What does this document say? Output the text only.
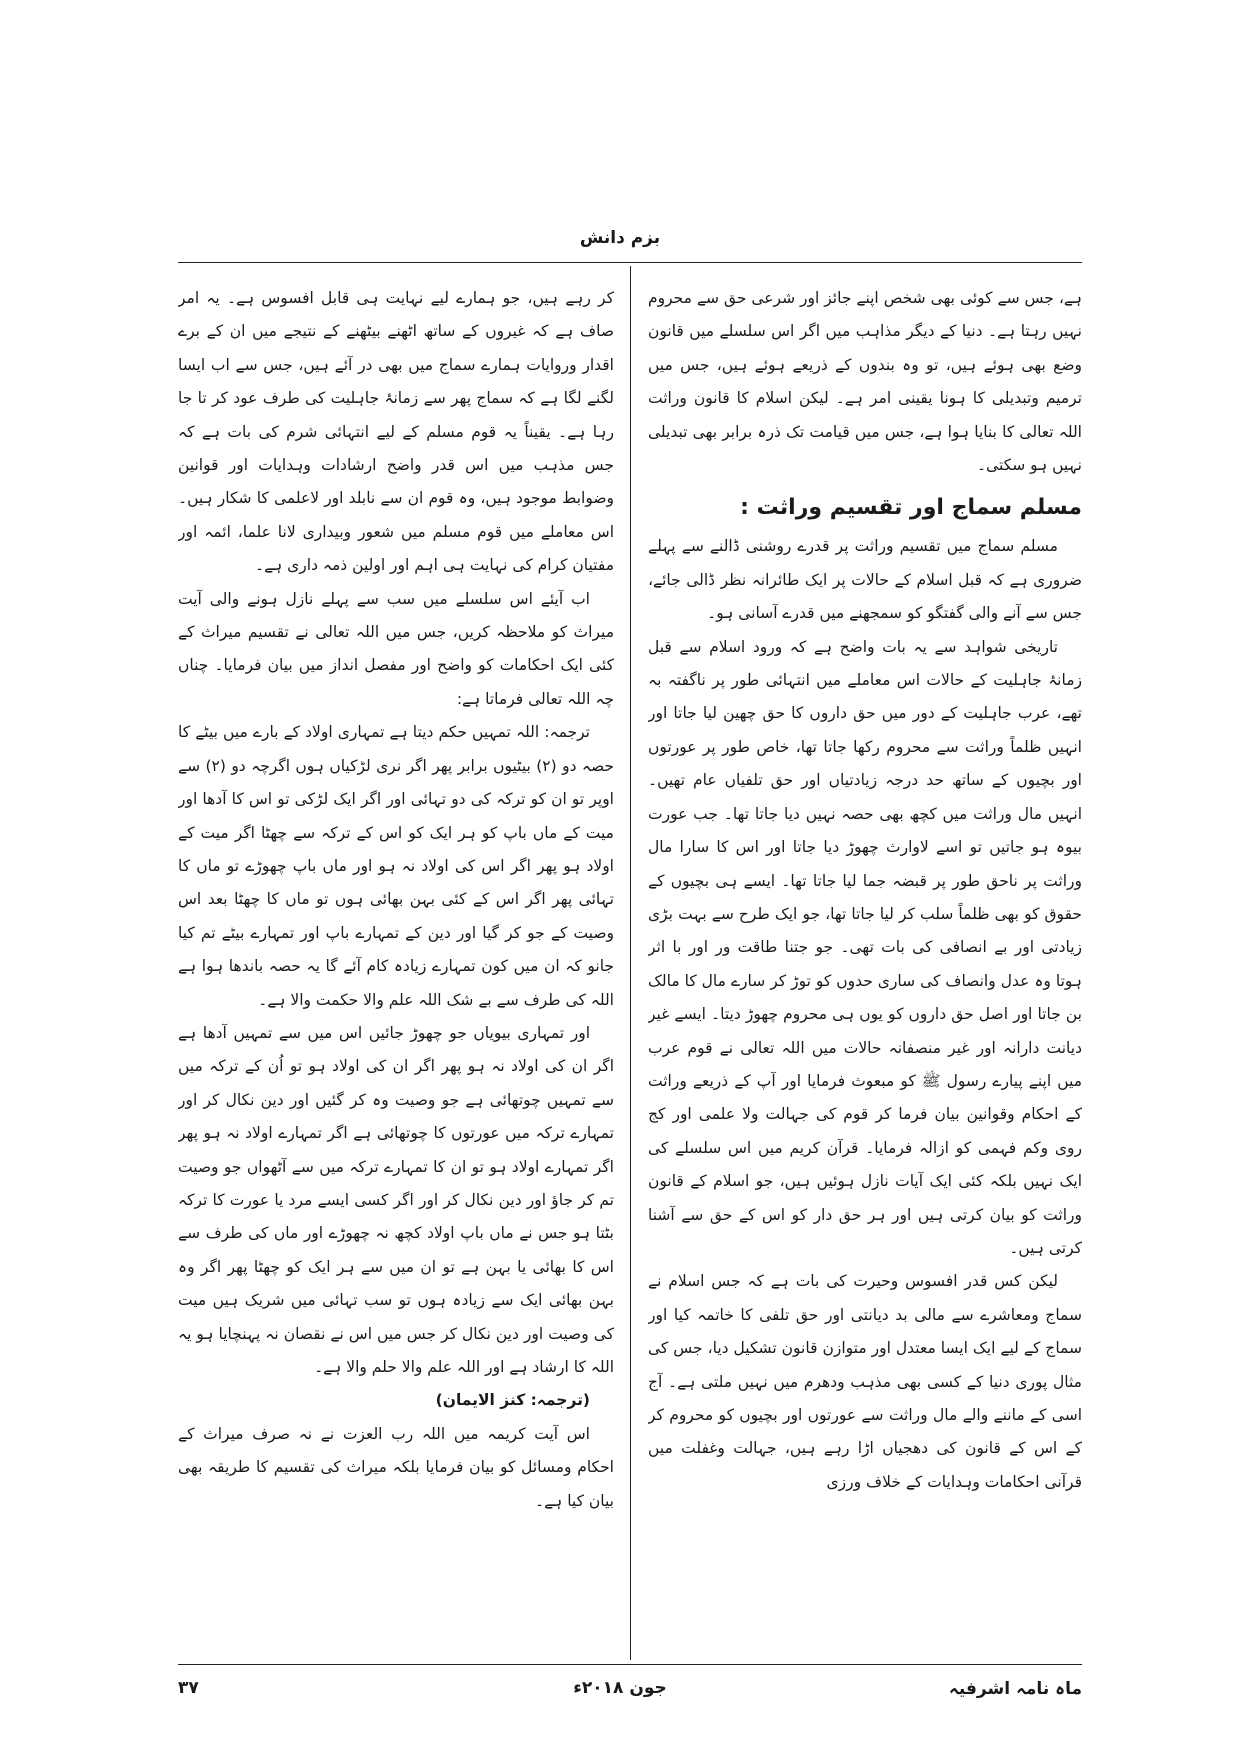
بزم دانش

ہے، جس سے کوئی بھی شخص اپنے جائز اور شرعی حق سے محروم نہیں رہتا ہے۔ دنیا کے دیگر مذاہب میں اگر اس سلسلے میں قانون وضع بھی ہوئے ہیں، تو وہ بندوں کے ذریعے ہوئے ہیں، جس میں ترمیم وتبدیلی کا ہونا یقینی امر ہے۔ لیکن اسلام کا قانون وراثت اللہ تعالی کا بنایا ہوا ہے، جس میں قیامت تک ذرہ برابر بھی تبدیلی نہیں ہو سکتی۔

مسلم سماج اور تقسیم وراثت :

مسلم سماج میں تقسیم وراثت پر قدرے روشنی ڈالنے سے پہلے ضروری ہے کہ قبل اسلام کے حالات پر ایک طائرانہ نظر ڈالی جائے، جس سے آنے والی گفتگو کو سمجھنے میں قدرے آسانی ہو۔

تاریخی شواہد سے یہ بات واضح ہے کہ ورود اسلام سے قبل زمانۂ جاہلیت کے حالات اس معاملے میں انتہائی طور پر ناگفتہ بہ تھے، عرب جاہلیت کے دور میں حق داروں کا حق چھین لیا جاتا اور انہیں ظلماً وراثت سے محروم رکھا جاتا تھا، خاص طور پر عورتوں اور بچیوں کے ساتھ حد درجہ زیادتیاں اور حق تلفیاں عام تھیں۔ انہیں مال وراثت میں کچھ بھی حصہ نہیں دیا جاتا تھا۔ جب عورت بیوہ ہو جاتیں تو اسے لاوارث چھوڑ دیا جاتا اور اس کا سارا مال وراثت پر ناحق طور پر قبضہ جما لیا جاتا تھا۔ ایسے ہی بچیوں کے حقوق کو بھی ظلماً سلب کر لیا جاتا تھا، جو ایک طرح سے بہت بڑی زیادتی اور بے انصافی کی بات تھی۔ جو جتنا طاقت ور اور با اثر ہوتا وہ عدل وانصاف کی ساری حدوں کو توڑ کر سارے مال کا مالک بن جاتا اور اصل حق داروں کو یوں ہی محروم چھوڑ دیتا۔ ایسے غیر دیانت دارانہ اور غیر منصفانہ حالات میں اللہ تعالی نے قوم عرب میں اپنے پیارے رسول ﷺ کو مبعوث فرمایا اور آپ کے ذریعے وراثت کے احکام وقوانین بیان فرما کر قوم کی جہالت ولا علمی اور کج روی وکم فہمی کو ازالہ فرمایا۔ قرآن کریم میں اس سلسلے کی ایک نہیں بلکہ کئی ایک آیات نازل ہوئیں ہیں، جو اسلام کے قانون وراثت کو بیان کرتی ہیں اور ہر حق دار کو اس کے حق سے آشنا کرتی ہیں۔

لیکن کس قدر افسوس وحیرت کی بات ہے کہ جس اسلام نے سماج ومعاشرے سے مالی بد دیانتی اور حق تلفی کا خاتمہ کیا اور سماج کے لیے ایک ایسا معتدل اور متوازن قانون تشکیل دیا، جس کی مثال پوری دنیا کے کسی بھی مذہب ودھرم میں نہیں ملتی ہے۔ آج اسی کے ماننے والے مال وراثت سے عورتوں اور بچیوں کو محروم کر کے اس کے قانون کی دھجیاں اڑا رہے ہیں، جہالت وغفلت میں قرآنی احکامات وہدایات کے خلاف ورزی

کر رہے ہیں، جو ہمارے لیے نہایت ہی قابل افسوس ہے۔ یہ امر صاف ہے کہ غیروں کے ساتھ اٹھنے بیٹھنے کے نتیجے میں ان کے برے اقدار وروایات ہمارے سماج میں بھی در آئے ہیں، جس سے اب ایسا لگنے لگا ہے کہ سماج پھر سے زمانۂ جاہلیت کی طرف عود کر تا جا رہا ہے۔ یقیناً یہ قوم مسلم کے لیے انتہائی شرم کی بات ہے کہ جس مذہب میں اس قدر واضح ارشادات وہدایات اور قوانین وضوابط موجود ہیں، وہ قوم ان سے نابلد اور لاعلمی کا شکار ہیں۔ اس معاملے میں قوم مسلم میں شعور وبیداری لانا علما، ائمہ اور مفتیان کرام کی نہایت ہی اہم اور اولین ذمہ داری ہے۔

اب آیئے اس سلسلے میں سب سے پہلے نازل ہونے والی آیت میراث کو ملاحظہ کریں، جس میں اللہ تعالی نے تقسیم میراث کے کئی ایک احکامات کو واضح اور مفصل انداز میں بیان فرمایا۔ چناں چہ اللہ تعالی فرماتا ہے:

ترجمہ: اللہ تمہیں حکم دیتا ہے تمہاری اولاد کے بارے میں بیٹے کا حصہ دو (۲) بیٹیوں برابر پھر اگر نری لڑکیاں ہوں اگرچہ دو (۲) سے اوپر تو ان کو ترکہ کی دو تہائی اور اگر ایک لڑکی تو اس کا آدھا اور میت کے ماں باپ کو ہر ایک کو اس کے ترکہ سے چھٹا اگر میت کے اولاد ہو پھر اگر اس کی اولاد نہ ہو اور ماں باپ چھوڑے تو ماں کا تہائی پھر اگر اس کے کئی بہن بھائی ہوں تو ماں کا چھٹا بعد اس وصیت کے جو کر گیا اور دین کے تمہارے باپ اور تمہارے بیٹے تم کیا جانو کہ ان میں کون تمہارے زیادہ کام آئے گا یہ حصہ باندھا ہوا ہے اللہ کی طرف سے بے شک اللہ علم والا حکمت والا ہے۔

اور تمہاری بیویاں جو چھوڑ جائیں اس میں سے تمہیں آدھا ہے اگر ان کی اولاد نہ ہو پھر اگر ان کی اولاد ہو تو اُن کے ترکہ میں سے تمہیں چوتھائی ہے جو وصیت وہ کر گئیں اور دین نکال کر اور تمہارے ترکہ میں عورتوں کا چوتھائی ہے اگر تمہارے اولاد نہ ہو پھر اگر تمہارے اولاد ہو تو ان کا تمہارے ترکہ میں سے آٹھواں جو وصیت تم کر جاؤ اور دین نکال کر اور اگر کسی ایسے مرد یا عورت کا ترکہ بٹتا ہو جس نے ماں باپ اولاد کچھ نہ چھوڑے اور ماں کی طرف سے اس کا بھائی یا بہن ہے تو ان میں سے ہر ایک کو چھٹا پھر اگر وہ بہن بھائی ایک سے زیادہ ہوں تو سب تہائی میں شریک ہیں میت کی وصیت اور دین نکال کر جس میں اس نے نقصان نہ پہنچایا ہو یہ اللہ کا ارشاد ہے اور اللہ علم والا حلم والا ہے۔

(ترجمہ: کنز الایمان)

اس آیت کریمہ میں اللہ رب العزت نے نہ صرف میراث کے احکام ومسائل کو بیان فرمایا بلکہ میراث کی تقسیم کا طریقہ بھی بیان کیا ہے۔

ماہ نامہ اشرفیہ
جون ۲۰۱۸ء
۳۷
